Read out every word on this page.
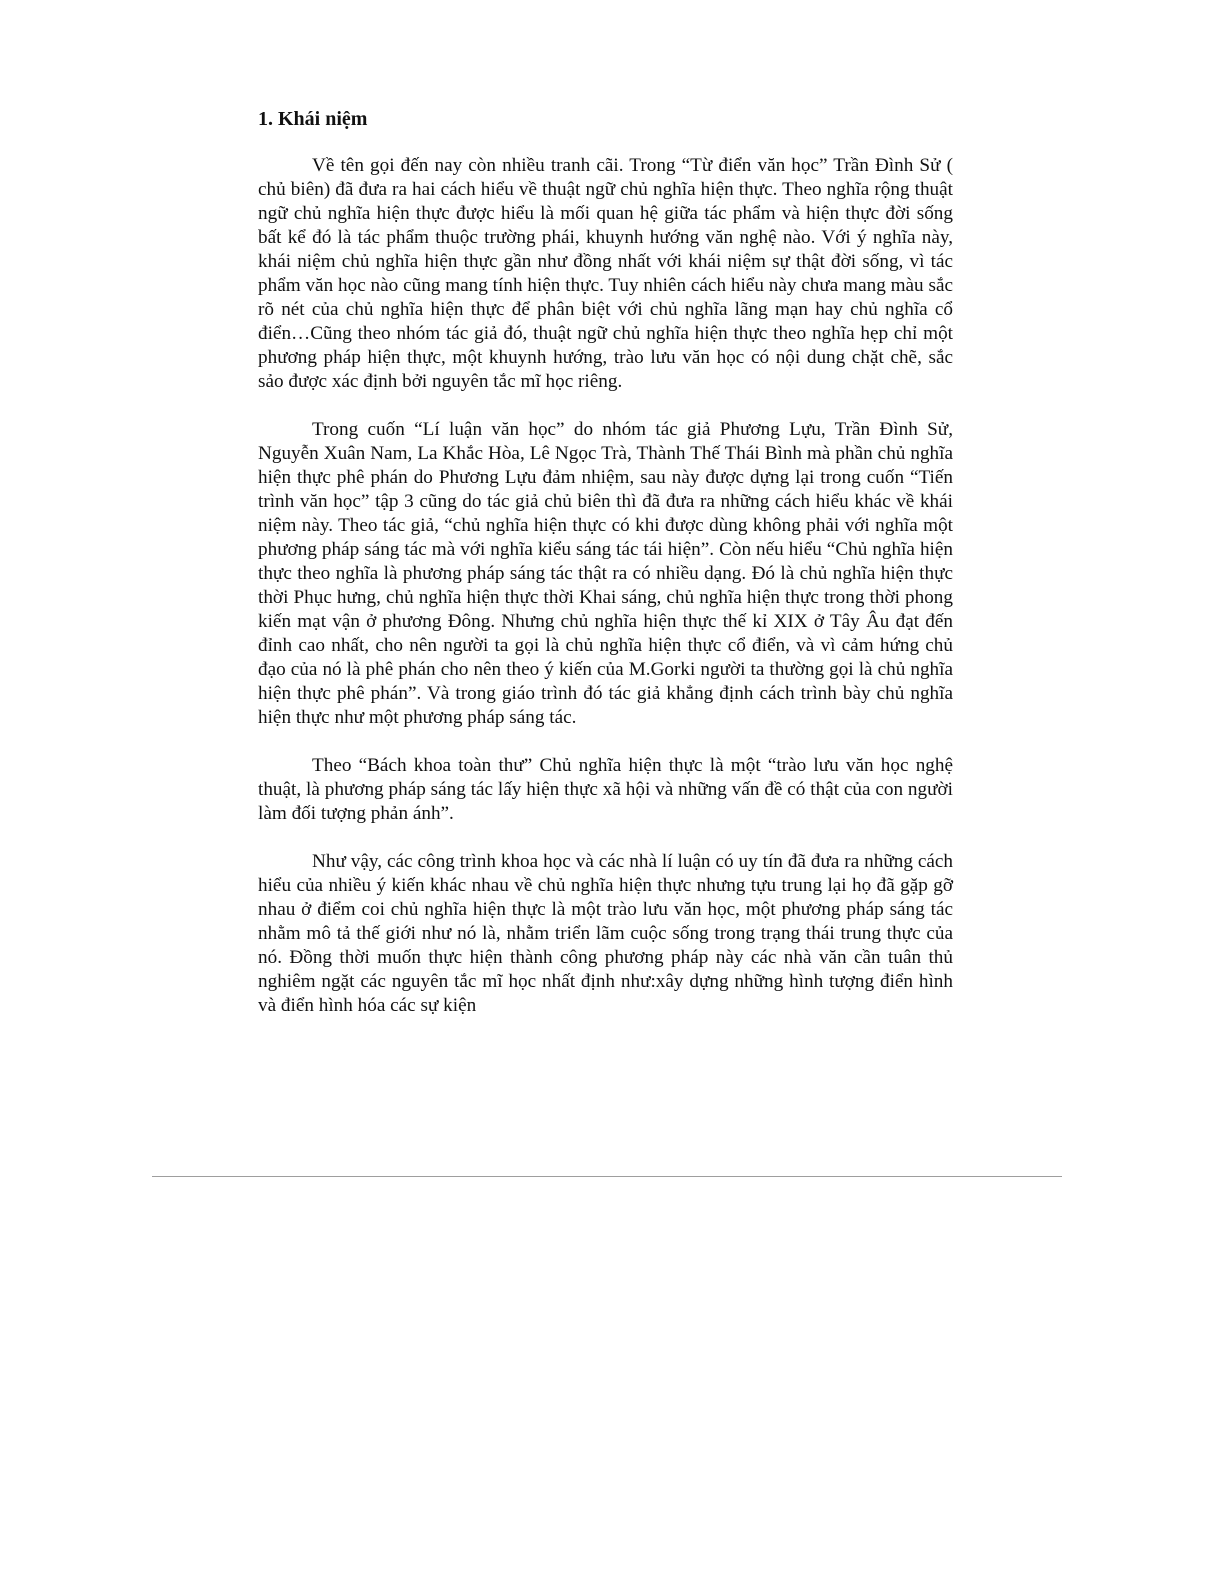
1. Khái niệm

Về tên gọi đến nay còn nhiều tranh cãi. Trong “Từ điển văn học” Trần Đình Sử ( chủ biên) đã đưa ra hai cách hiểu về thuật ngữ chủ nghĩa hiện thực. Theo nghĩa rộng thuật ngữ chủ nghĩa hiện thực được hiểu là mối quan hệ giữa tác phẩm và hiện thực đời sống bất kể đó là tác phẩm thuộc trường phái, khuynh hướng văn nghệ nào. Với ý nghĩa này, khái niệm chủ nghĩa hiện thực gần như đồng nhất với khái niệm sự thật đời sống, vì tác phẩm văn học nào cũng mang tính hiện thực. Tuy nhiên cách hiểu này chưa mang màu sắc rõ nét của chủ nghĩa hiện thực để phân biệt với chủ nghĩa lãng mạn hay chủ nghĩa cổ điển…Cũng theo nhóm tác giả đó, thuật ngữ chủ nghĩa hiện thực theo nghĩa hẹp chỉ một phương pháp hiện thực, một khuynh hướng, trào lưu văn học có nội dung chặt chẽ, sắc sảo được xác định bởi nguyên tắc mĩ học riêng.

Trong cuốn “Lí luận văn học” do nhóm tác giả Phương Lựu, Trần Đình Sử, Nguyễn Xuân Nam, La Khắc Hòa, Lê Ngọc Trà, Thành Thế Thái Bình mà phần chủ nghĩa hiện thực phê phán do Phương Lựu đảm nhiệm, sau này được dựng lại trong cuốn “Tiến trình văn học” tập 3 cũng do tác giả chủ biên thì đã đưa ra những cách hiểu khác về khái niệm này. Theo tác giả, “chủ nghĩa hiện thực có khi được dùng không phải với nghĩa một phương pháp sáng tác mà với nghĩa kiểu sáng tác tái hiện”. Còn nếu hiểu “Chủ nghĩa hiện thực theo nghĩa là phương pháp sáng tác thật ra có nhiều dạng. Đó là chủ nghĩa hiện thực thời Phục hưng, chủ nghĩa hiện thực thời Khai sáng, chủ nghĩa hiện thực trong thời phong kiến mạt vận ở phương Đông. Nhưng chủ nghĩa hiện thực thế kỉ XIX ở Tây Âu đạt đến đỉnh cao nhất, cho nên người ta gọi là chủ nghĩa hiện thực cổ điển, và vì cảm hứng chủ đạo của nó là phê phán cho nên theo ý kiến của M.Gorki người ta thường gọi là chủ nghĩa hiện thực phê phán”. Và trong giáo trình đó tác giả khẳng định cách trình bày chủ nghĩa hiện thực như một phương pháp sáng tác.

Theo “Bách khoa toàn thư” Chủ nghĩa hiện thực là một “trào lưu văn học nghệ thuật, là phương pháp sáng tác lấy hiện thực xã hội và những vấn đề có thật của con người làm đối tượng phản ánh”.

Như vậy, các công trình khoa học và các nhà lí luận có uy tín đã đưa ra những cách hiểu của nhiều ý kiến khác nhau về chủ nghĩa hiện thực nhưng tựu trung lại họ đã gặp gỡ nhau ở điểm coi chủ nghĩa hiện thực là một trào lưu văn học, một phương pháp sáng tác nhằm mô tả thế giới như nó là, nhằm triển lãm cuộc sống trong trạng thái trung thực của nó. Đồng thời muốn thực hiện thành công phương pháp này các nhà văn cần tuân thủ nghiêm ngặt các nguyên tắc mĩ học nhất định như:xây dựng những hình tượng điển hình và điển hình hóa các sự kiện
